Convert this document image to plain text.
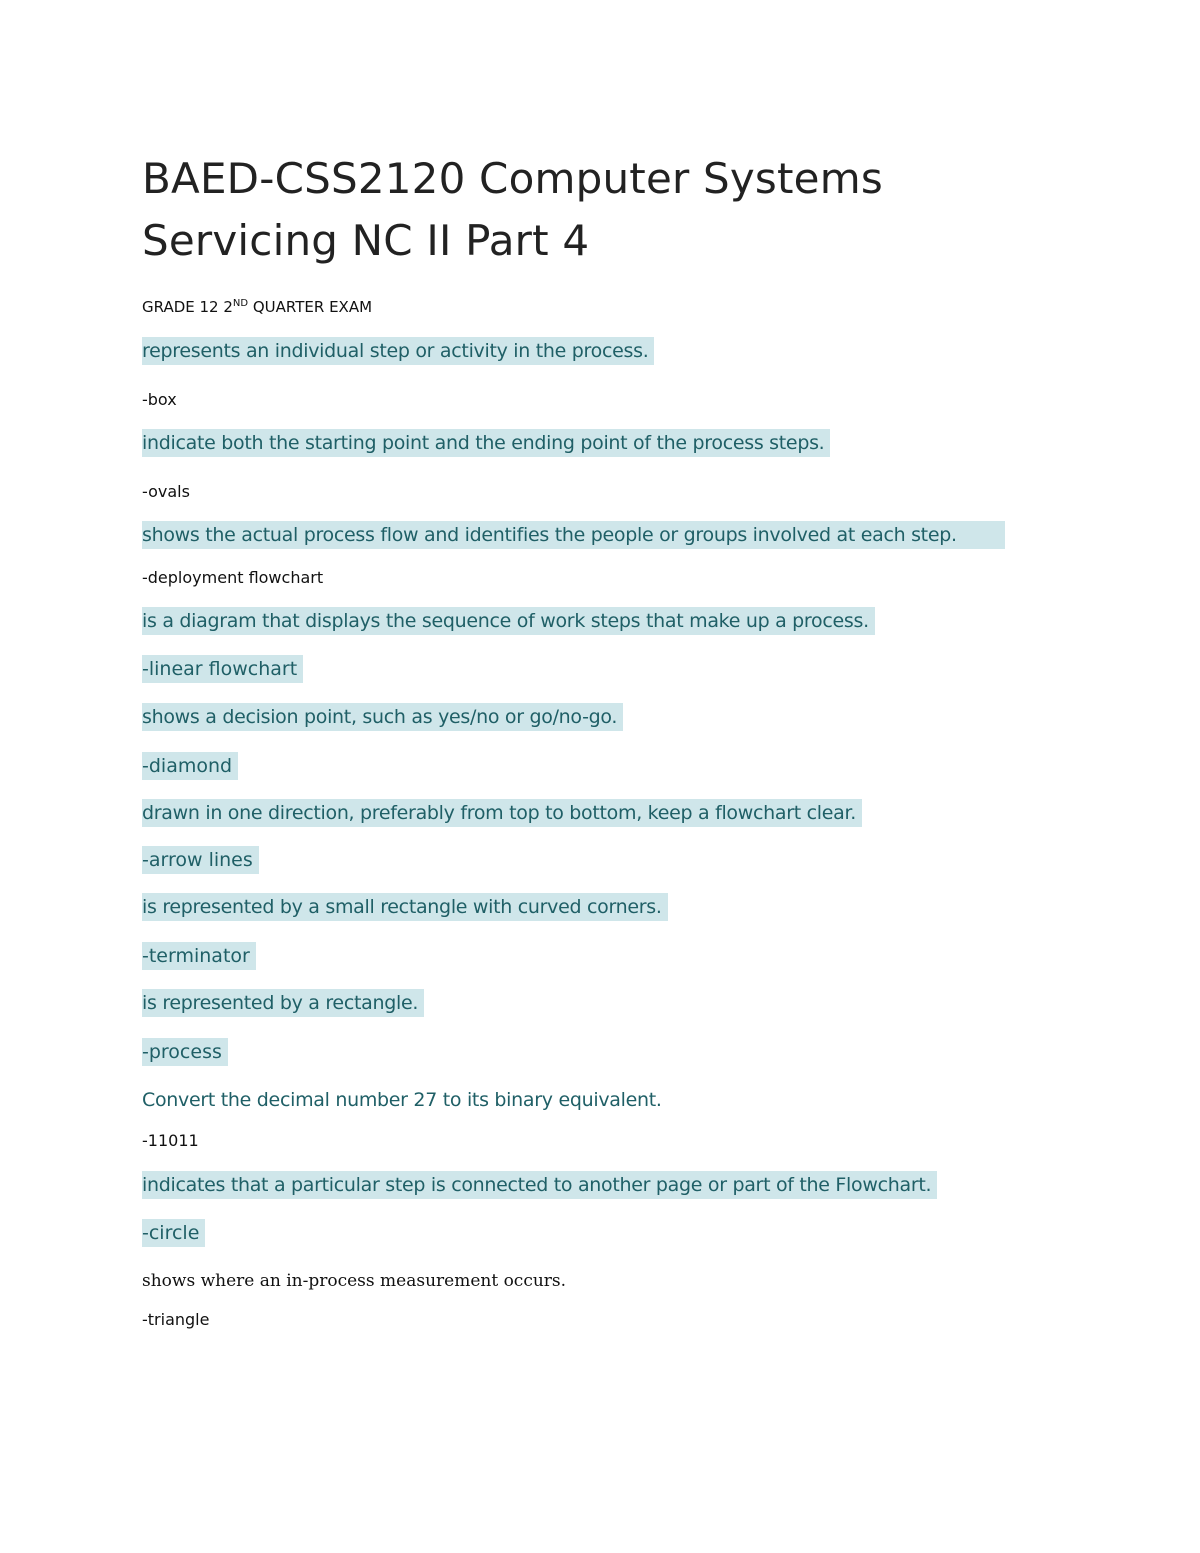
BAED-CSS2120 Computer Systems Servicing NC II Part 4

GRADE 12 2ND QUARTER EXAM

represents an individual step or activity in the process.

-box

indicate both the starting point and the ending point of the process steps.

-ovals

shows the actual process flow and identifies the people or groups involved at each step.

-deployment flowchart

is a diagram that displays the sequence of work steps that make up a process.

-linear flowchart

shows a decision point, such as yes/no or go/no-go.

-diamond

drawn in one direction, preferably from top to bottom, keep a flowchart clear.

-arrow lines

is represented by a small rectangle with curved corners.

-terminator

is represented by a rectangle.

-process

Convert the decimal number 27 to its binary equivalent.

-11011

indicates that a particular step is connected to another page or part of the Flowchart.

-circle

shows where an in-process measurement occurs.

-triangle
